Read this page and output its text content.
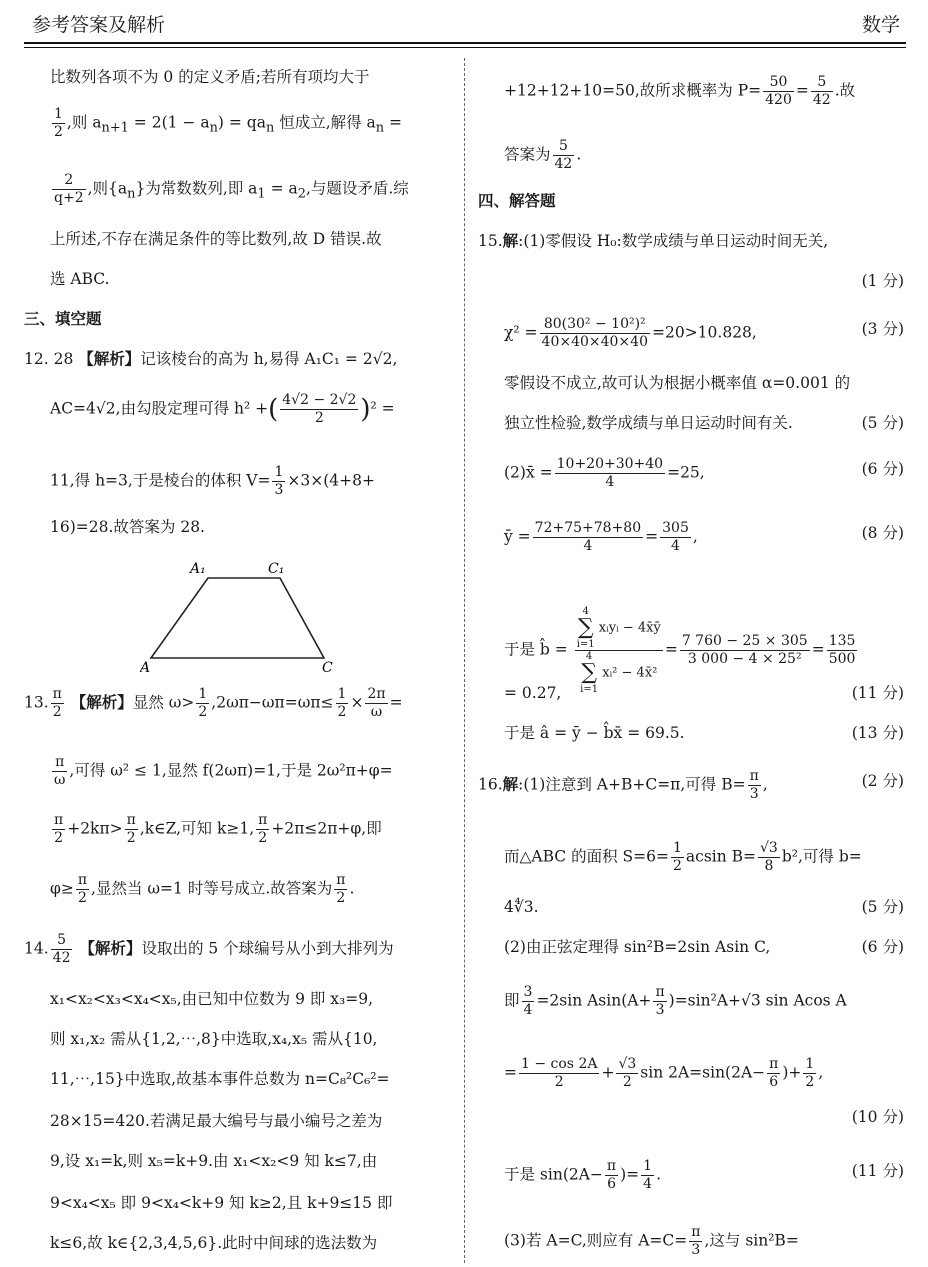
参考答案及解析	数学
比数列各项不为 0 的定义矛盾;若所有项均大于
$\frac{1}{2}$ ,则 $a_{n+1} = 2(1 - a_n) = qa_n$ 恒成立,解得 $a_n$ =
$\frac{2}{q+2}$ ,则$\{a_n\}$为常数数列,即 $a_1 = a_2$,与题设矛盾.综
上所述,不存在满足条件的等比数列,故 D 错误.故
选 ABC.
三、填空题
12. 28 【解析】记该棱台的高为 h,易得 A₁C₁ = 2√2,
AC=4√2,由勾股定理可得 h² +( $\frac{4√2 - 2√2}{2} )^2$ =
11,得 h=3,于是棱台的体积 $V= \frac{1}{3} \times 3\times(4+8+$
16)=28.故答案为 28.
A₁	C₁
A	C
13. $\frac{\pi}{2}$ 【解析】显然 $\omega> \frac{1}{2} ,2\omega\pi-\omega\pi=\omega\pi\le \frac{1}{2} \times \frac{2\pi}{\omega}$ =
$\frac{\pi}{\omega}$ ,可得 ω² ≤ 1,显然 f(2ωπ)=1,于是 2ω²π+φ=
$\frac{\pi}{2} +2k\pi> \frac{\pi}{2}$ ,k∈Z,可知 k≥1, $\frac{\pi}{2} +2\pi\le 2\pi+\varphi$,即
$\varphi\ge \frac{\pi}{2}$ ,显然当 ω=1 时等号成立.故答案为 $\frac{\pi}{2}$ .
14. $\frac{5}{42}$ 【解析】设取出的 5 个球编号从小到大排列为
x₁<x₂<x₃<x₄<x₅,由已知中位数为 9 即 x₃=9,
则 x₁,x₂ 需从{1,2,⋯,8}中选取,x₄,x₅ 需从{10,
11,⋯,15}中选取,故基本事件总数为 n=C₈²C₆²=
28×15=420.若满足最大编号与最小编号之差为
9,设 x₁=k,则 x₅=k+9.由 x₁<x₂<9 知 k≤7,由
9<x₄<x₅ 即 9<x₄<k+9 知 k≥2,且 k+9≤15 即
k≤6,故 k∈{2,3,4,5,6}.此时中间球的选法数为
+12+12+10=50,故所求概率为 $P= \frac{50}{420} = \frac{5}{42}$ .故
答案为 $\frac{5}{42}$ .
四、解答题
15.解:(1)零假设 H₀:数学成绩与单日运动时间无关,
(1 分)
$\chi^2 = \frac{\text{80(30² − 10²)²}}{40\times 40\times 40\times 40} =20>10.828$,	(3 分)
零假设不成立,故可认为根据小概率值 α=0.001 的
独立性检验,数学成绩与单日运动时间有关.	(5 分)
(2)x̄ = $\frac{10+20+30+40}{4} =25$,	(6 分)
ȳ = $\frac{72+75+78+80}{4} = \frac{305}{4}$ ,	(8 分)
于是 b̂ = 4
∑
i=1 xᵢyᵢ − 4x̄ȳ
4
∑
i=1 xᵢ² − 4x̄² = $\frac{7 760 - 25 \times 305}{\text{3 000 − 4 × 25²}} = \frac{135}{500}$
= 0.27,	(11 分)
于是 â = ȳ − b̂x̄ = 69.5.	(13 分)
16.解:(1)注意到 A+B+C=π,可得 $B= \frac{\pi}{3}$ ,	(2 分)
而△ABC 的面积 $S=6= \frac{1}{2}$ acsin $B= \frac{√3}{8} b^2$,可得 b=
4∜3.	(5 分)
(2)由正弦定理得 sin²B=2sin Asin C,	(6 分)
即 $\frac{3}{4} =2\sin$ $Asin(A+ \frac{\pi}{3} )=\sin^2A+√3$ sin Acos A
= $\frac{1 - \cos 2A}{2} + \frac{√3}{2}$ $\sin 2A=\sin(2A- \frac{\pi}{6}$ )+ $\frac{1}{2}$ ,
(10 分)
于是 $\sin(2A- \frac{\pi}{6}$ )= $\frac{1}{4}$ .	(11 分)
(3)若 A=C,则应有 $A=C= \frac{\pi}{3}$ ,这与 sin²B=
